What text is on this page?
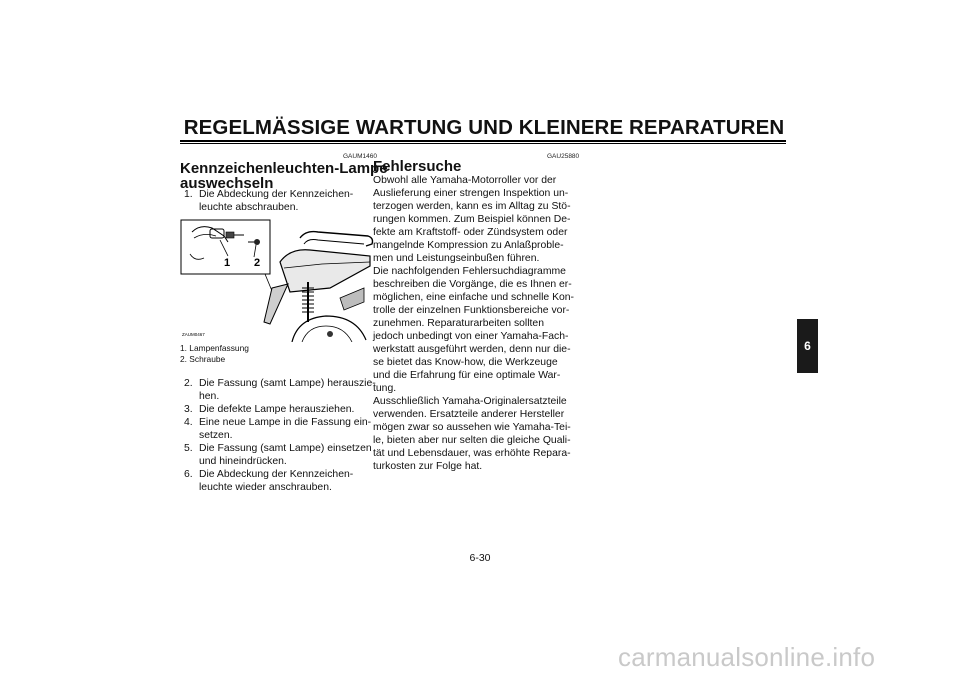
REGELMÄSSIGE WARTUNG UND KLEINERE REPARATUREN
GAUM1460
Kennzeichenleuchten-Lampe
auswechseln
1. Die Abdeckung der Kennzeichen-
leuchte abschrauben.
1 2
ZAUM0467
1. Lampenfassung
2. Schraube
2. Die Fassung (samt Lampe) herauszie-
hen.
3. Die defekte Lampe herausziehen.
4. Eine neue Lampe in die Fassung ein-
setzen.
5. Die Fassung (samt Lampe) einsetzen
und hineindrücken.
6. Die Abdeckung der Kennzeichen-
leuchte wieder anschrauben.
GAU25880
Fehlersuche
Obwohl alle Yamaha-Motorroller vor der
Auslieferung einer strengen Inspektion un-
terzogen werden, kann es im Alltag zu Stö-
rungen kommen. Zum Beispiel können De-
fekte am Kraftstoff- oder Zündsystem oder
mangelnde Kompression zu Anlaßproble-
men und Leistungseinbußen führen.
Die nachfolgenden Fehlersuchdiagramme
beschreiben die Vorgänge, die es Ihnen er-
möglichen, eine einfache und schnelle Kon-
trolle der einzelnen Funktionsbereiche vor-
zunehmen. Reparaturarbeiten sollten
jedoch unbedingt von einer Yamaha-Fach-
werkstatt ausgeführt werden, denn nur die-
se bietet das Know-how, die Werkzeuge
und die Erfahrung für eine optimale War-
tung.
Ausschließlich Yamaha-Originalersatzteile
verwenden. Ersatzteile anderer Hersteller
mögen zwar so aussehen wie Yamaha-Tei-
le, bieten aber nur selten die gleiche Quali-
tät und Lebensdauer, was erhöhte Repara-
turkosten zur Folge hat.
6
6-30
carmanualsonline.info
